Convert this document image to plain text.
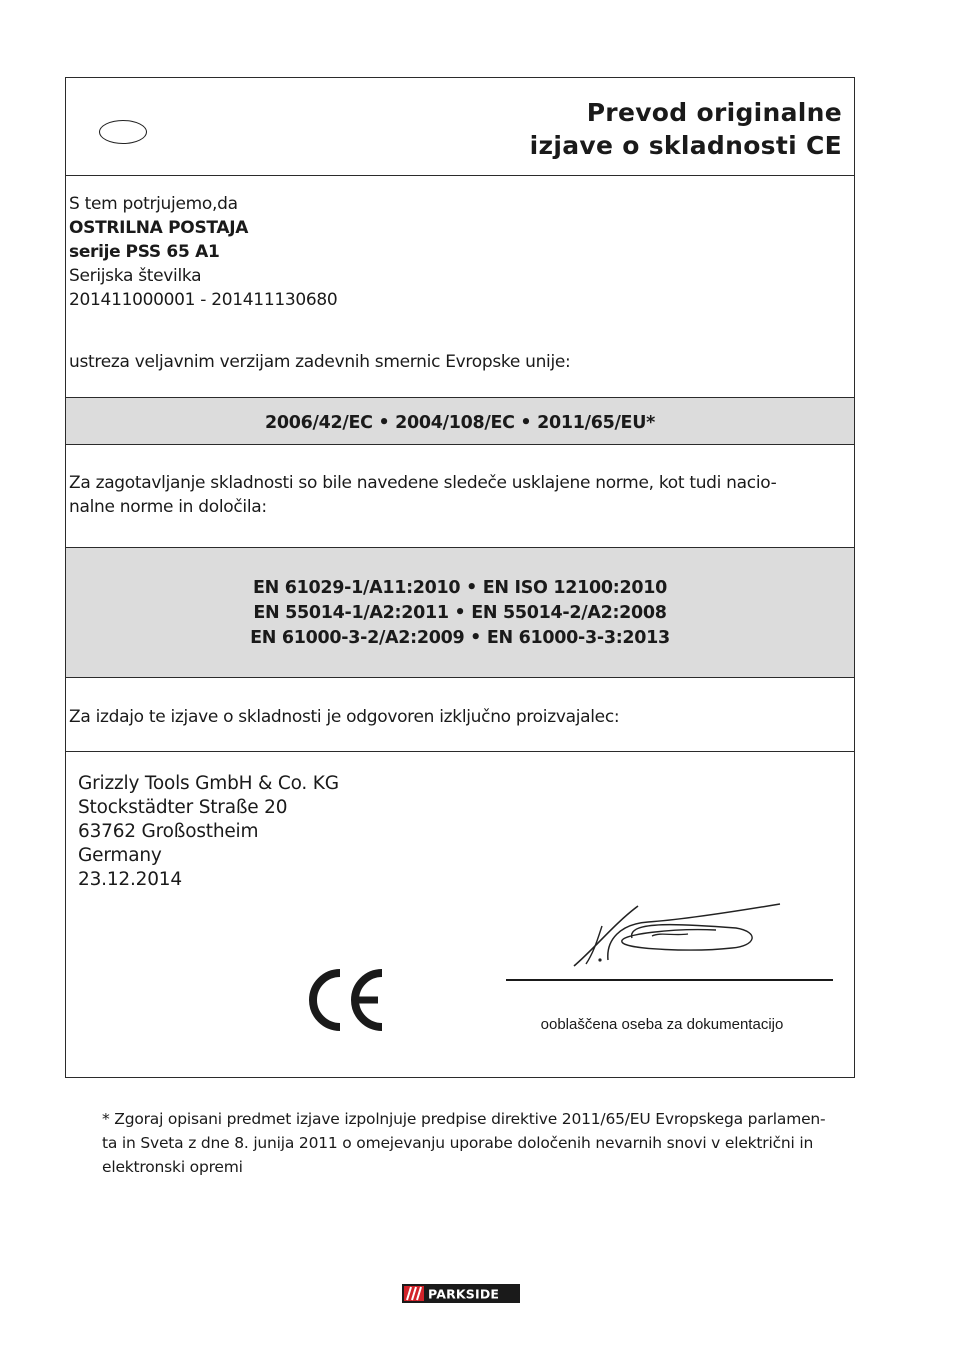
Prevod originalne
izjave o skladnosti CE
S tem potrjujemo,da
OSTRILNA POSTAJA
serije PSS 65 A1
Serijska številka
201411000001 - 201411130680
ustreza veljavnim verzijam zadevnih smernic Evropske unije:
2006/42/EC • 2004/108/EC • 2011/65/EU*
Za zagotavljanje skladnosti so bile navedene sledeče usklajene norme, kot tudi nacio-
nalne norme in določila:
EN 61029-1/A11:2010 • EN ISO 12100:2010
EN 55014-1/A2:2011 • EN 55014-2/A2:2008
EN 61000-3-2/A2:2009 • EN 61000-3-3:2013
Za izdajo te izjave o skladnosti je odgovoren izključno proizvajalec:
Grizzly Tools GmbH & Co. KG
Stockstädter Straße 20
63762 Großostheim
Germany
23.12.2014
ooblaščena oseba za dokumentacijo
* Zgoraj opisani predmet izjave izpolnjuje predpise direktive 2011/65/EU Evropskega parlamen-
ta in Sveta z dne 8. junija 2011 o omejevanju uporabe določenih nevarnih snovi v električni in
elektronski opremi
PARKSIDE
